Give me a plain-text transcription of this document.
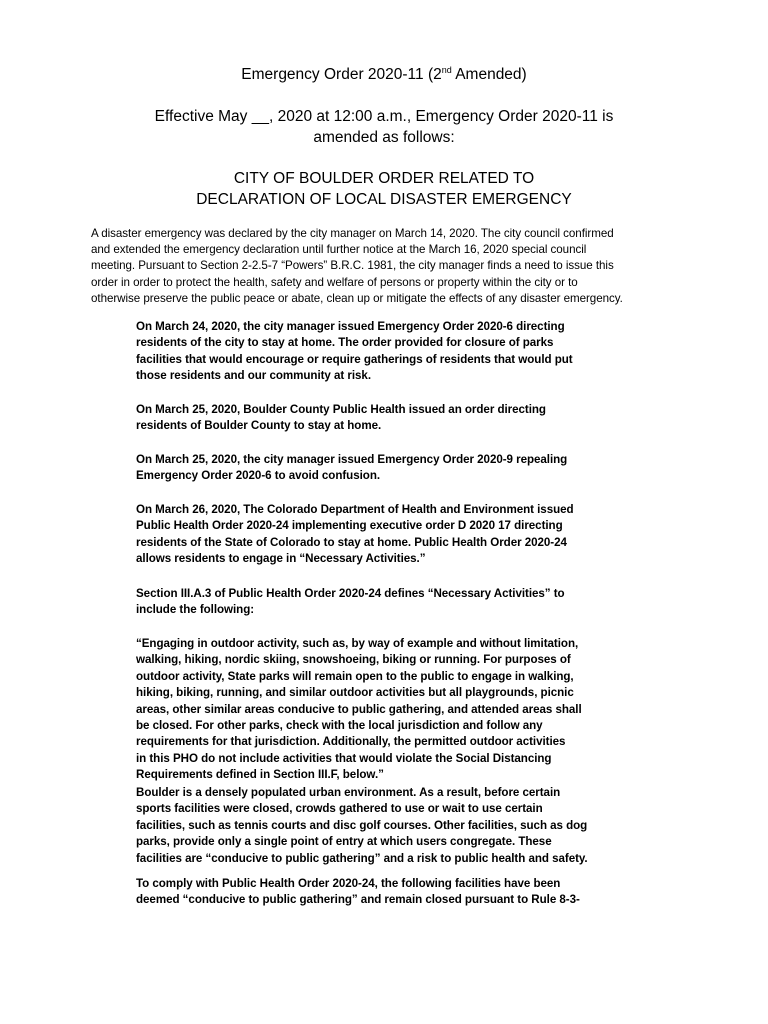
Emergency Order 2020-11 (2nd Amended)
Effective May __, 2020 at 12:00 a.m., Emergency Order 2020-11 is
amended as follows:
CITY OF BOULDER ORDER RELATED TO
DECLARATION OF LOCAL DISASTER EMERGENCY
A disaster emergency was declared by the city manager on March 14, 2020. The city council confirmed
and extended the emergency declaration until further notice at the March 16, 2020 special council
meeting. Pursuant to Section 2-2.5-7 “Powers” B.R.C. 1981, the city manager finds a need to issue this
order in order to protect the health, safety and welfare of persons or property within the city or to
otherwise preserve the public peace or abate, clean up or mitigate the effects of any disaster emergency.
On March 24, 2020, the city manager issued Emergency Order 2020-6 directing
residents of the city to stay at home. The order provided for closure of parks
facilities that would encourage or require gatherings of residents that would put
those residents and our community at risk.
On March 25, 2020, Boulder County Public Health issued an order directing
residents of Boulder County to stay at home.
On March 25, 2020, the city manager issued Emergency Order 2020-9 repealing
Emergency Order 2020-6 to avoid confusion.
On March 26, 2020, The Colorado Department of Health and Environment issued
Public Health Order 2020-24 implementing executive order D 2020 17 directing
residents of the State of Colorado to stay at home. Public Health Order 2020-24
allows residents to engage in “Necessary Activities.”
Section III.A.3 of Public Health Order 2020-24 defines “Necessary Activities” to
include the following:
“Engaging in outdoor activity, such as, by way of example and without limitation,
walking, hiking, nordic skiing, snowshoeing, biking or running. For purposes of
outdoor activity, State parks will remain open to the public to engage in walking,
hiking, biking, running, and similar outdoor activities but all playgrounds, picnic
areas, other similar areas conducive to public gathering, and attended areas shall
be closed. For other parks, check with the local jurisdiction and follow any
requirements for that jurisdiction. Additionally, the permitted outdoor activities
in this PHO do not include activities that would violate the Social Distancing
Requirements defined in Section III.F, below.”
Boulder is a densely populated urban environment. As a result, before certain
sports facilities were closed, crowds gathered to use or wait to use certain
facilities, such as tennis courts and disc golf courses. Other facilities, such as dog
parks, provide only a single point of entry at which users congregate. These
facilities are “conducive to public gathering” and a risk to public health and safety.
To comply with Public Health Order 2020-24, the following facilities have been
deemed “conducive to public gathering” and remain closed pursuant to Rule 8-3-
